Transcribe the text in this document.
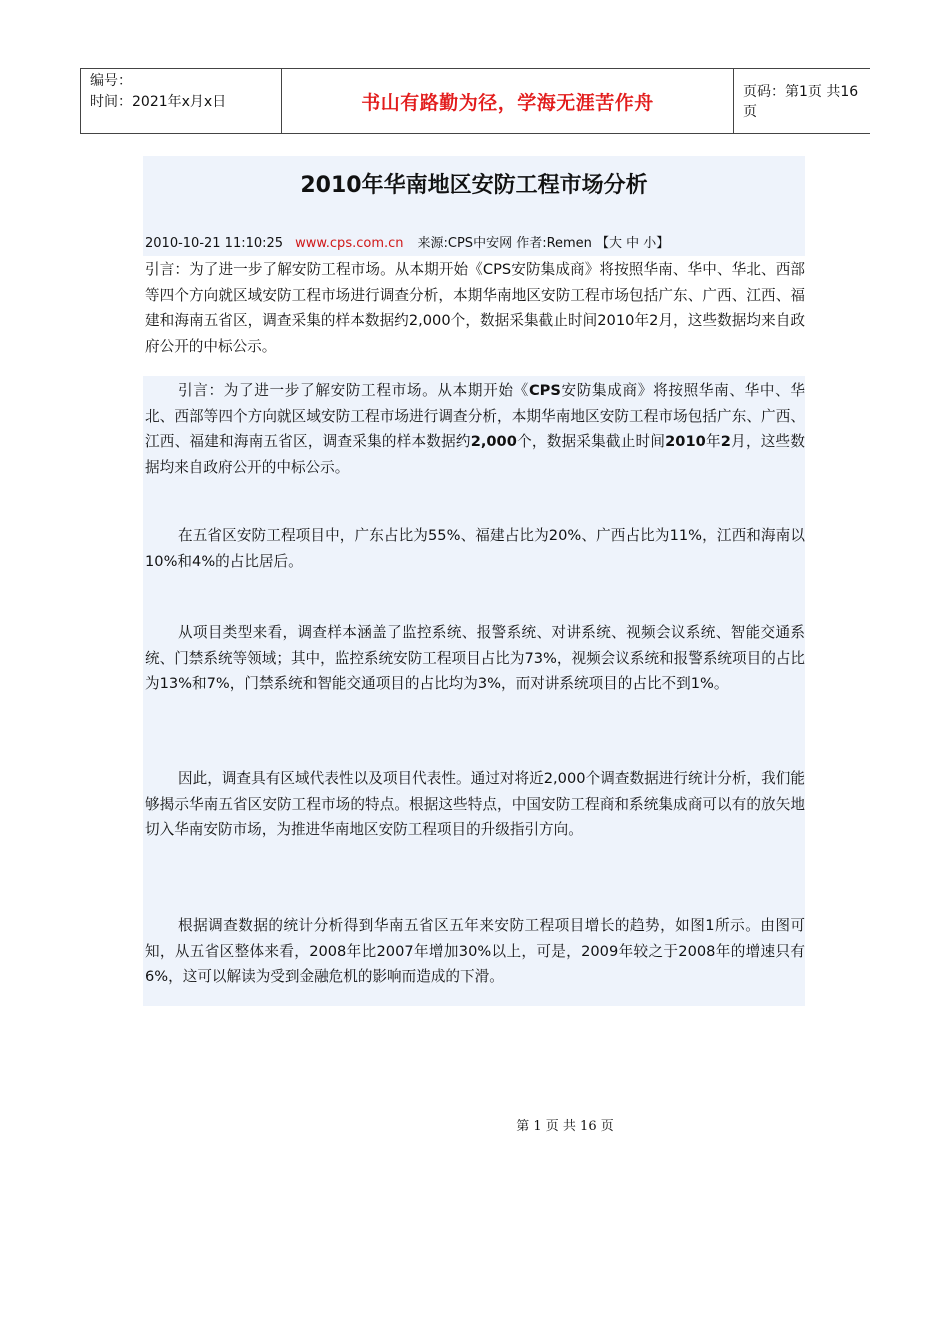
编号：
时间：2021年x月x日	书山有路勤为径，学海无涯苦作舟	页码：第1页 共16页
2010年华南地区安防工程市场分析
2010-10-21 11:10:25 www.cps.com.cn 来源:CPS中安网 作者:Remen 【大 中 小】

引言：为了进一步了解安防工程市场。从本期开始《CPS安防集成商》将按照华南、华中、华北、西部等四个方向就区域安防工程市场进行调查分析，本期华南地区安防工程市场包括广东、广西、江西、福建和海南五省区，调查采集的样本数据约2,000个，数据采集截止时间2010年2月，这些数据均来自政府公开的中标公示。

引言：为了进一步了解安防工程市场。从本期开始《CPS安防集成商》将按照华南、华中、华北、西部等四个方向就区域安防工程市场进行调查分析，本期华南地区安防工程市场包括广东、广西、江西、福建和海南五省区，调查采集的样本数据约2,000个，数据采集截止时间2010年2月，这些数据均来自政府公开的中标公示。

在五省区安防工程项目中，广东占比为55%、福建占比为20%、广西占比为11%，江西和海南以10%和4%的占比居后。

从项目类型来看，调查样本涵盖了监控系统、报警系统、对讲系统、视频会议系统、智能交通系统、门禁系统等领域；其中，监控系统安防工程项目占比为73%，视频会议系统和报警系统项目的占比为13%和7%，门禁系统和智能交通项目的占比均为3%，而对讲系统项目的占比不到1%。

因此，调查具有区域代表性以及项目代表性。通过对将近2,000个调查数据进行统计分析，我们能够揭示华南五省区安防工程市场的特点。根据这些特点，中国安防工程商和系统集成商可以有的放矢地切入华南安防市场，为推进华南地区安防工程项目的升级指引方向。

根据调查数据的统计分析得到华南五省区五年来安防工程项目增长的趋势，如图1所示。由图可知，从五省区整体来看，2008年比2007年增加30%以上，可是，2009年较之于2008年的增速只有6%，这可以解读为受到金融危机的影响而造成的下滑。

第 1 页 共 16 页
